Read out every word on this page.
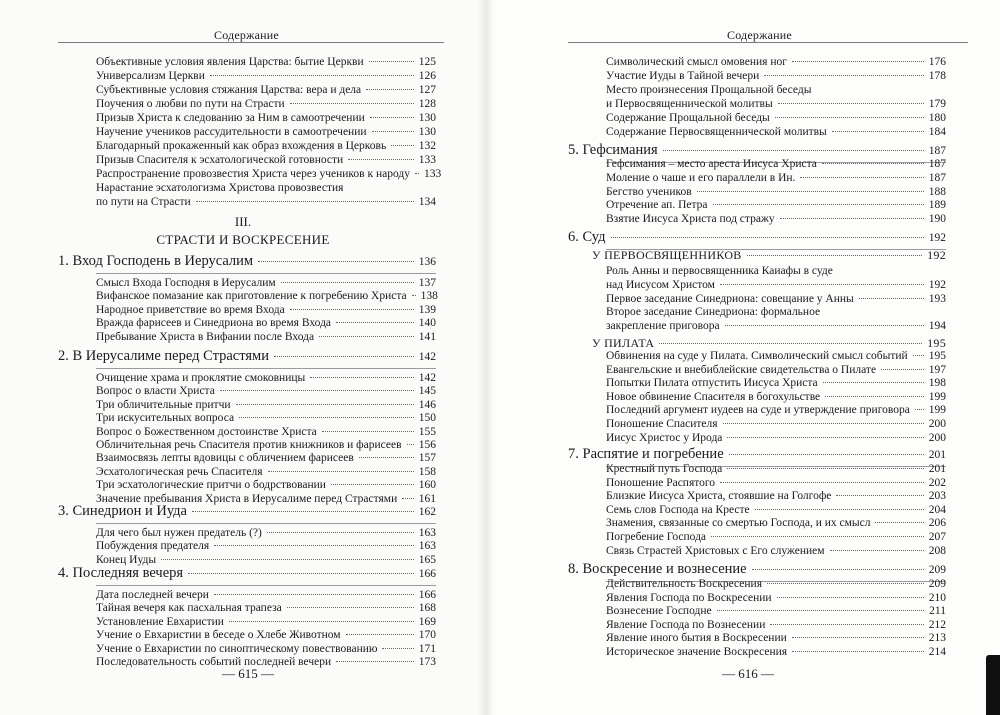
Содержание
Объективные условия явления Царства: бытие Церкви	125
Универсализм Церкви	126
Субъективные условия стяжания Царства: вера и дела	127
Поучения о любви по пути на Страсти	128
Призыв Христа к следованию за Ним в самоотречении	130
Научение учеников рассудительности в самоотречении	130
Благодарный прокаженный как образ вхождения в Церковь	132
Призыв Спасителя к эсхатологической готовности	133
Распространение провозвестия Христа через учеников к народу 133
Нарастание эсхатологизма Христова провозвестия
по пути на Страсти	134
III.
СТРАСТИ И ВОСКРЕСЕНИЕ
1. Вход Господень в Иерусалим	136
Смысл Входа Господня в Иерусалим	137
Вифанское помазание как приготовление к погребению Христа 138
Народное приветствие во время Входа	139
Вражда фарисеев и Синедриона во время Входа	140
Пребывание Христа в Вифании после Входа	141
2. В Иерусалиме перед Страстями	142
Очищение храма и проклятие смоковницы	142
Вопрос о власти Христа	145
Три обличительные притчи	146
Три искусительных вопроса	150
Вопрос о Божественном достоинстве Христа	155
Обличительная речь Спасителя против книжников и фарисеев 156
Взаимосвязь лепты вдовицы с обличением фарисеев	157
Эсхатологическая речь Спасителя	158
Три эсхатологические притчи о бодрствовании	160
Значение пребывания Христа в Иерусалиме перед Страстями 161
3. Синедрион и Иуда	162
Для чего был нужен предатель (?)	163
Побуждения предателя	163
Конец Иуды	165
4. Последняя вечеря	166
Дата последней вечери	166
Тайная вечеря как пасхальная трапеза	168
Установление Евхаристии	169
Учение о Евхаристии в беседе о Хлебе Животном	170
Учение о Евхаристии по синоптическому повествованию	171
Последовательность событий последней вечери	173
— 615 —
Содержание
Символический смысл омовения ног	176
Участие Иуды в Тайной вечери	178
Место произнесения Прощальной беседы
и Первосвященнической молитвы	179
Содержание Прощальной беседы	180
Содержание Первосвященнической молитвы	184
5. Гефсимания	187
Гефсимания – место ареста Иисуса Христа	187
Моление о чаше и его параллели в Ин.	187
Бегство учеников	188
Отречение ап. Петра	189
Взятие Иисуса Христа под стражу	190
6. Суд	192
У ПЕРВОСВЯЩЕННИКОВ	192
Роль Анны и первосвященника Каиафы в суде
над Иисусом Христом	192
Первое заседание Синедриона: совещание у Анны	193
Второе заседание Синедриона: формальное
закрепление приговора	194
У ПИЛАТА	195
Обвинения на суде у Пилата. Символический смысл событий 195
Евангельские и внебиблейские свидетельства о Пилате	197
Попытки Пилата отпустить Иисуса Христа	198
Новое обвинение Спасителя в богохульстве	199
Последний аргумент иудеев на суде и утверждение приговора 199
Поношение Спасителя	200
Иисус Христос у Ирода	200
7. Распятие и погребение	201
Крестный путь Господа	201
Поношение Распятого	202
Близкие Иисуса Христа, стоявшие на Голгофе	203
Семь слов Господа на Кресте	204
Знамения, связанные со смертью Господа, и их смысл	206
Погребение Господа	207
Связь Страстей Христовых с Его служением	208
8. Воскресение и вознесение	209
Действительность Воскресения	209
Явления Господа по Воскресении	210
Вознесение Господне	211
Явление Господа по Вознесении	212
Явление иного бытия в Воскресении	213
Историческое значение Воскресения	214
— 616 —
